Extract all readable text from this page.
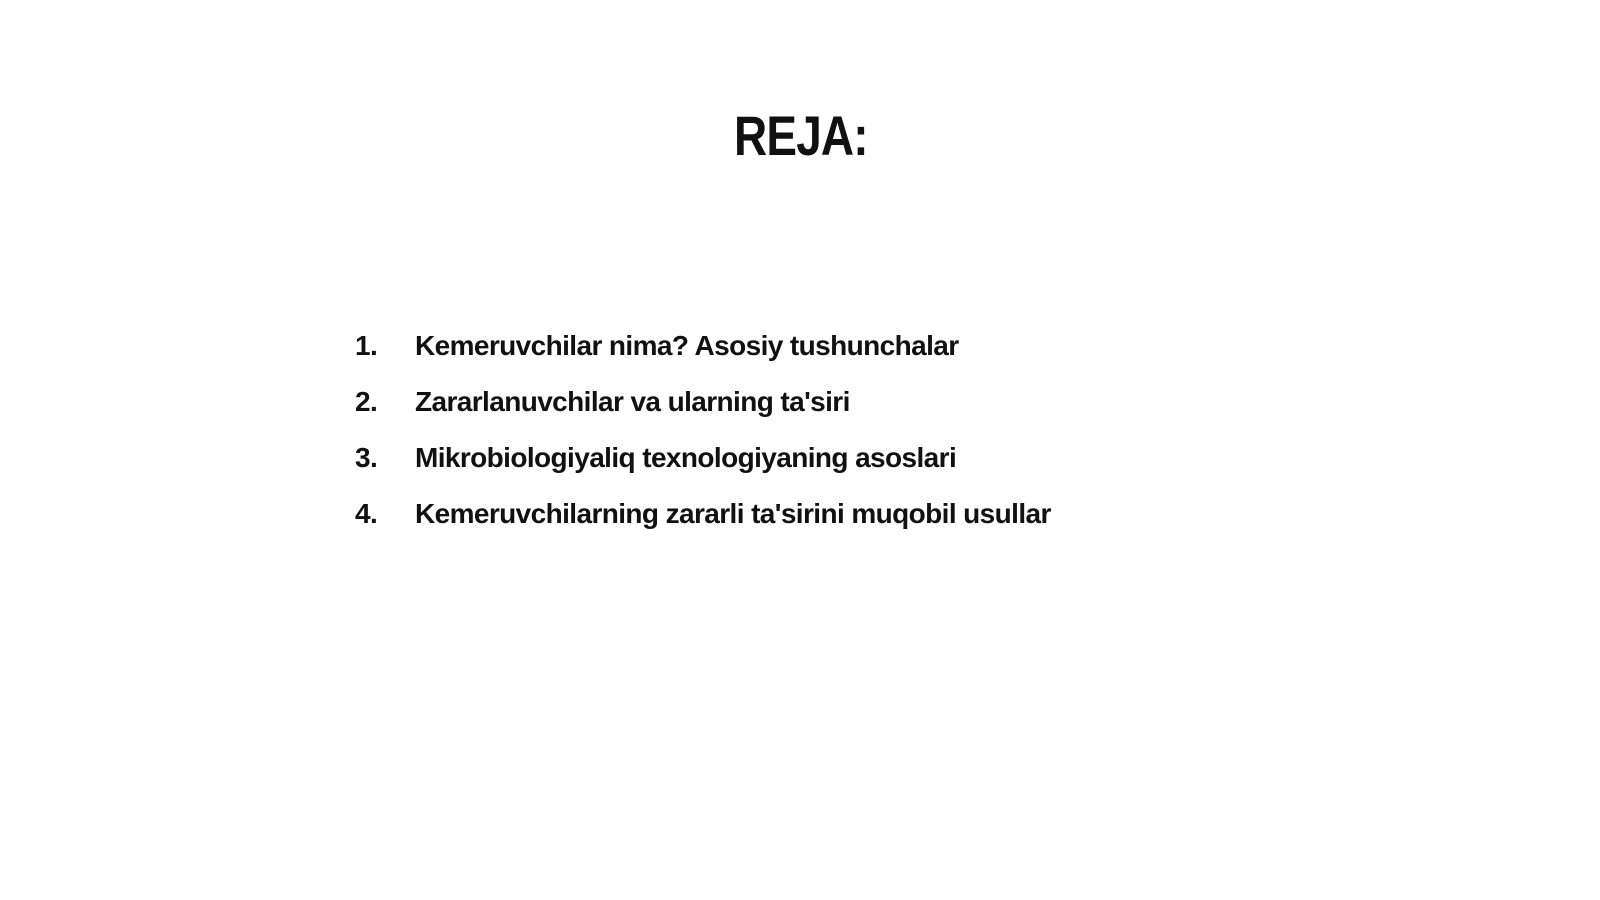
REJA:
1.	Kemeruvchilar nima? Asosiy tushunchalar
2.	Zararlanuvchilar va ularning ta'siri
3.	Mikrobiologiyaliq texnologiyaning asoslari
4.	Kemeruvchilarning zararli ta'sirini muqobil usullar
